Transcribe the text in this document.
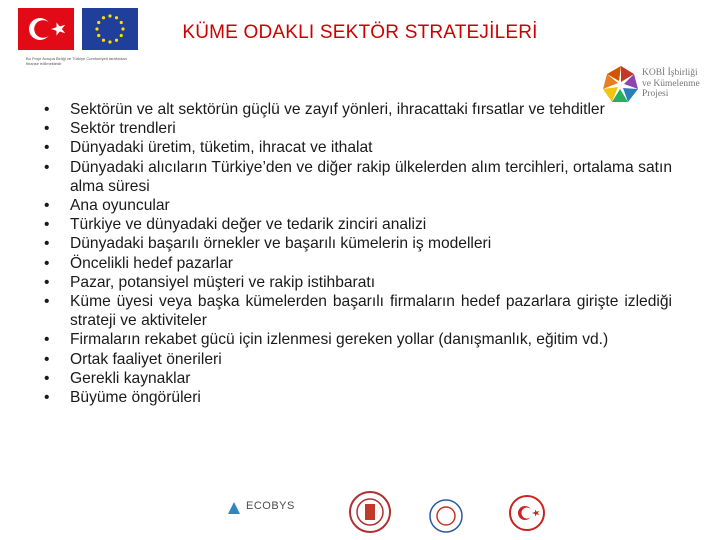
Bu Proje Avrupa Birliği ve Türkiye Cumhuriyeti tarafından finanse edilmektedir
KÜME ODAKLI SEKTÖR STRATEJİLERİ
KOBİ İşbirliği
ve Kümelenme
Projesi
• Sektörün ve alt sektörün güçlü ve zayıf yönleri, ihracattaki fırsatlar ve tehditler
• Sektör trendleri
• Dünyadaki üretim, tüketim, ihracat ve ithalat
• Dünyadaki alıcıların Türkiye’den ve diğer rakip ülkelerden alım tercihleri, ortalama satın alma süresi
• Ana oyuncular
• Türkiye ve dünyadaki değer ve tedarik zinciri analizi
• Dünyadaki başarılı örnekler ve başarılı kümelerin iş modelleri
• Öncelikli hedef pazarlar
• Pazar, potansiyel müşteri ve rakip istihbaratı
• Küme üyesi veya başka kümelerden başarılı firmaların hedef pazarlara girişte izlediği strateji ve aktiviteler
• Firmaların rekabet gücü için izlenmesi gereken yollar (danışmanlık, eğitim vd.)
• Ortak faaliyet önerileri
• Gerekli kaynaklar
• Büyüme öngörüleri
ECOBYS
